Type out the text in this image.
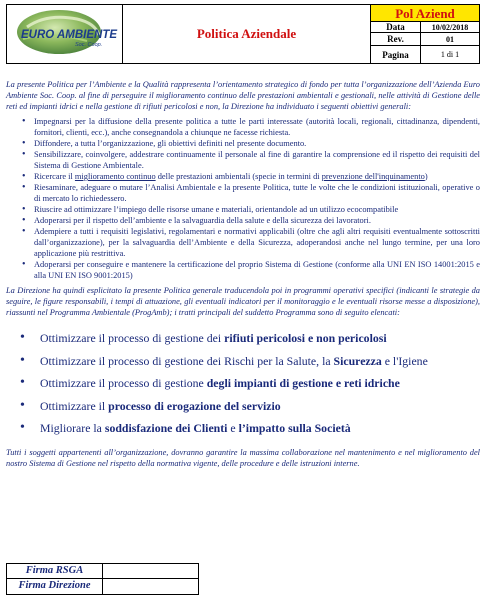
EURO AMBIENTE
Soc. Coop.
Politica Aziendale
Pol Aziend
Data	10/02/2018
Rev.	01
Pagina	1 di 1

La presente Politica per l’Ambiente e la Qualità rappresenta l’orientamento strategico di fondo per tutta l’organizzazione dell’Azienda Euro Ambiente Soc. Coop. al fine di perseguire il miglioramento continuo delle prestazioni ambientali e gestionali, nelle attività di Gestione delle reti ed impianti idrici e nella gestione di rifiuti pericolosi e non, la Direzione ha individuato i seguenti obiettivi generali:

• Impegnarsi per la diffusione della presente politica a tutte le parti interessate (autorità locali, regionali, cittadinanza, dipendenti, fornitori, clienti, ecc.), anche consegnandola a chiunque ne facesse richiesta.
• Diffondere, a tutta l’organizzazione, gli obiettivi definiti nel presente documento.
• Sensibilizzare, coinvolgere, addestrare continuamente il personale al fine di garantire la comprensione ed il rispetto dei requisiti del Sistema di Gestione Ambientale.
• Ricercare il miglioramento continuo delle prestazioni ambientali (specie in termini di prevenzione dell'inquinamento)
• Riesaminare, adeguare o mutare l’Analisi Ambientale e la presente Politica, tutte le volte che le condizioni istituzionali, operative o di mercato lo richiedessero.
• Riuscire ad ottimizzare l’impiego delle risorse umane e materiali, orientandole ad un utilizzo ecocompatibile
• Adoperarsi per il rispetto dell’ambiente e la salvaguardia della salute e della sicurezza dei lavoratori.
• Adempiere a tutti i requisiti legislativi, regolamentari e normativi applicabili (oltre che agli altri requisiti eventualmente sottoscritti dall’organizzazione), per la salvaguardia dell’Ambiente e della Sicurezza, adoperandosi anche nel lungo termine, per una loro applicazione più restrittiva.
• Adoperarsi per conseguire e mantenere la certificazione del proprio Sistema di Gestione (conforme alla UNI EN ISO 14001:2015 e alla UNI EN ISO 9001:2015)

La Direzione ha quindi esplicitato la presente Politica generale traducendola poi in programmi operativi specifici (indicanti le strategie da seguire, le figure responsabili, i tempi di attuazione, gli eventuali indicatori per il monitoraggio e le eventuali risorse messe a disposizione), riassunti nel Programma Ambientale (ProgAmb); i tratti principali del suddetto Programma sono di seguito elencati:

• Ottimizzare il processo di gestione dei rifiuti pericolosi e non pericolosi
• Ottimizzare il processo di gestione dei Rischi per la Salute, la Sicurezza e l'Igiene
• Ottimizzare il processo di gestione degli impianti di gestione e reti idriche
• Ottimizzare il processo di erogazione del servizio
• Migliorare la soddisfazione dei Clienti e l’impatto sulla Società

Tutti i soggetti appartenenti all’organizzazione, dovranno garantire la massima collaborazione nel mantenimento e nel miglioramento del nostro Sistema di Gestione nel rispetto della normativa vigente, delle procedure e delle istruzioni interne.

Firma RSGA
Firma Direzione
